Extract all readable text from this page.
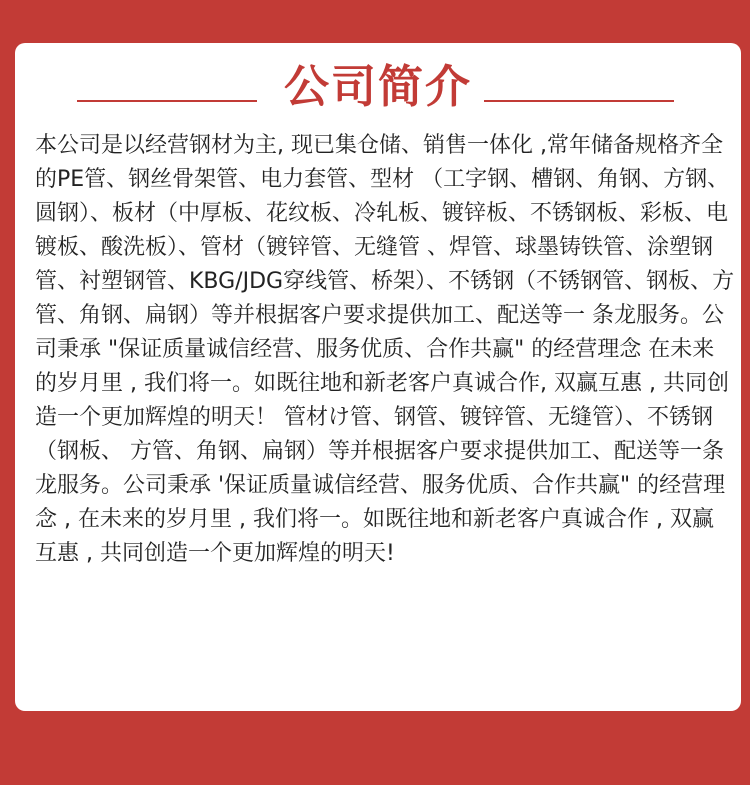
公司简介

本公司是以经营钢材为主, 现已集仓储、销售一体化 ,常年储备规格齐全的PE管、钢丝骨架管、电力套管、型材 （工字钢、槽钢、角钢、方钢、圆钢）、板材（中厚板、花纹板、冷轧板、镀锌板、不锈钢板、彩板、电镀板、酸洗板）、管材（镀锌管、无缝管 、焊管、球墨铸铁管、涂塑钢管、衬塑钢管、KBG/JDG穿线管、桥架）、不锈钢（不锈钢管、钢板、方管、角钢、扁钢）等并根据客户要求提供加工、配送等一 条龙服务。公司秉承 "保证质量诚信经营、服务优质、合作共赢" 的经营理念 在未来的岁月里 , 我们将一。如既往地和新老客户真诚合作, 双赢互惠 , 共同创 造一个更加辉煌的明天！ 管材け管、钢管、镀锌管、无缝管）、不锈钢（钢板、 方管、角钢、扁钢）等并根据客户要求提供加工、配送等一条龙服务。公司秉承 '保证质量诚信经营、服务优质、合作共赢" 的经营理念 , 在未来的岁月里 , 我们将一。如既往地和新老客户真诚合作 , 双赢互惠 , 共同创造一个更加辉煌的明天!
